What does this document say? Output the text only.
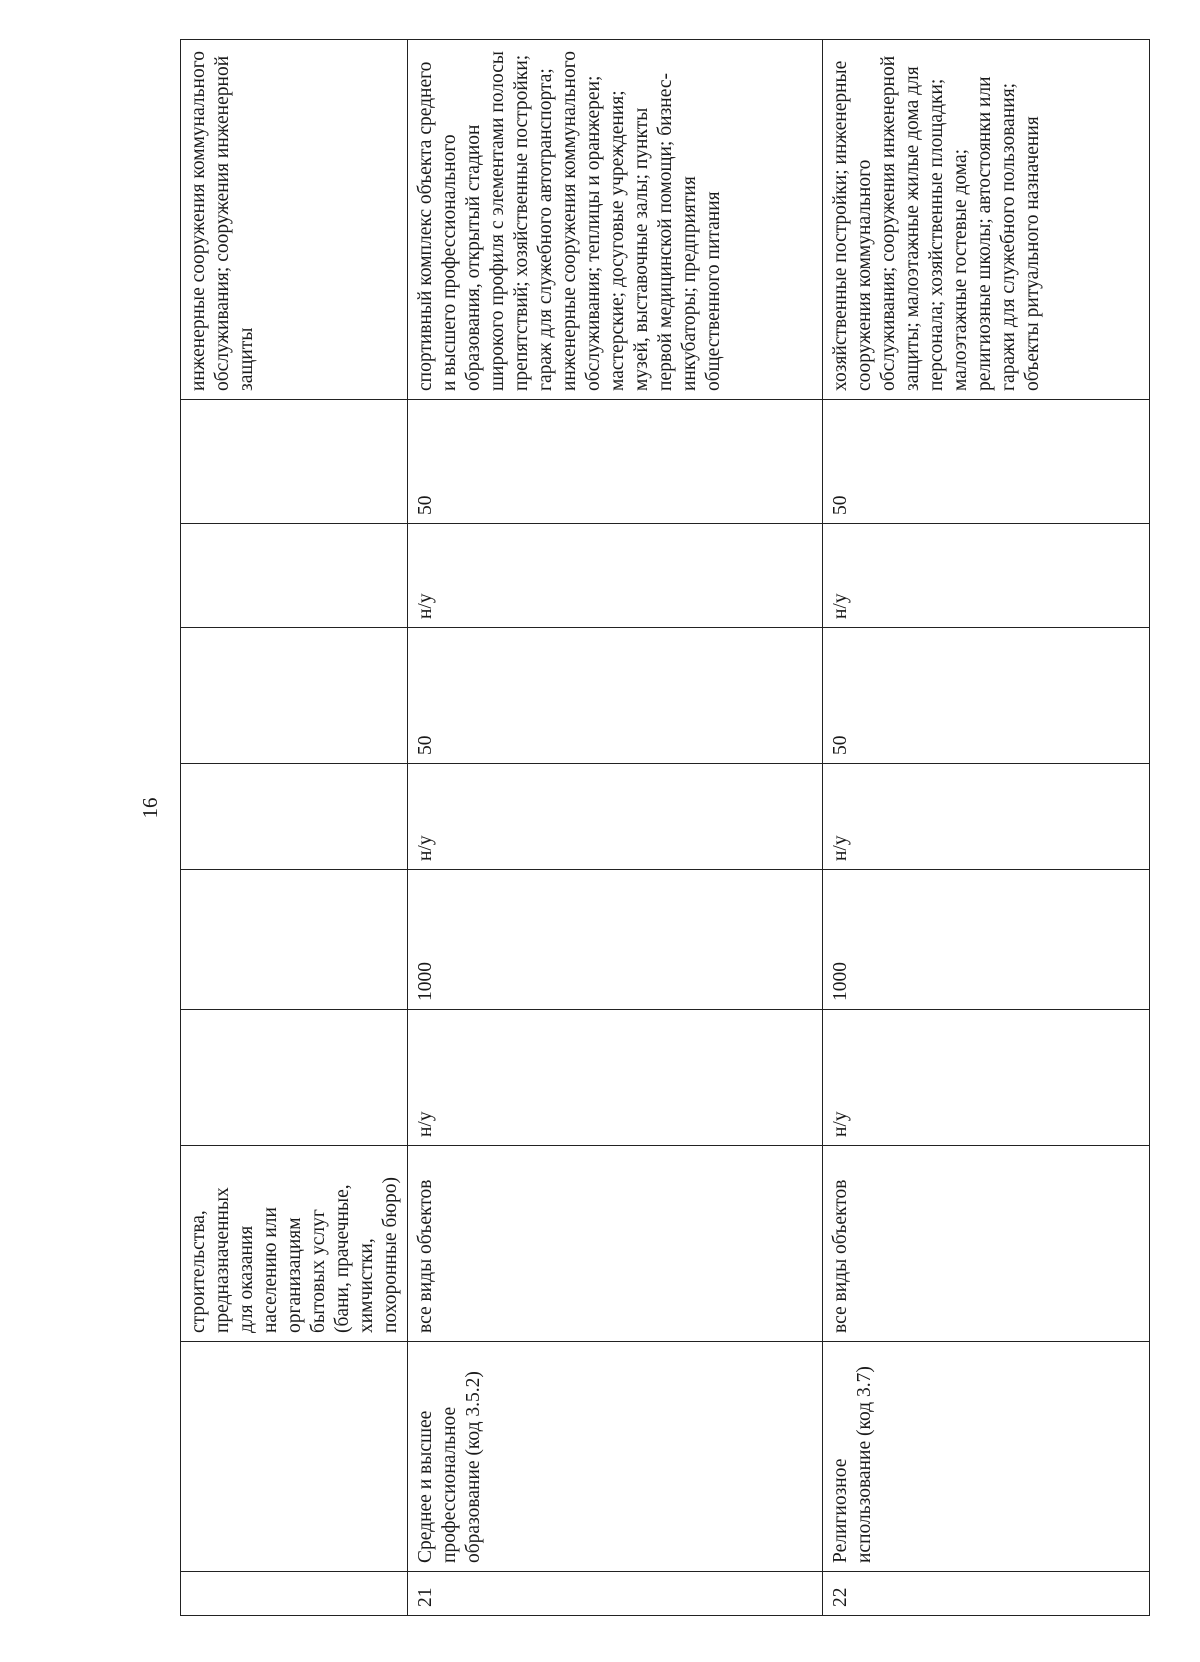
16
		строительства, предназначенных для оказания населению или организациям бытовых услуг (бани, прачечные, химчистки, похоронные бюро)							инженерные сооружения коммунального обслуживания; сооружения инженерной защиты
21	Среднее и высшее профессиональное образование (код 3.5.2)	все виды объектов	н/у	1000	н/у	50	н/у	50	спортивный комплекс объекта среднего и высшего профессионального образования, открытый стадион широкого профиля с элементами полосы препятствий; хозяйственные постройки; гараж для служебного автотранспорта; инженерные сооружения коммунального обслуживания; теплицы и оранжереи; мастерские; досуговые учреждения; музей, выставочные залы; пункты первой медицинской помощи; бизнес-инкубаторы; предприятия общественного питания
22	Религиозное использование (код 3.7)	все виды объектов	н/у	1000	н/у	50	н/у	50	хозяйственные постройки; инженерные сооружения коммунального обслуживания; сооружения инженерной защиты; малоэтажные жилые дома для персонала; хозяйственные площадки; малоэтажные гостевые дома; религиозные школы; автостоянки или гаражи для служебного пользования; объекты ритуального назначения
